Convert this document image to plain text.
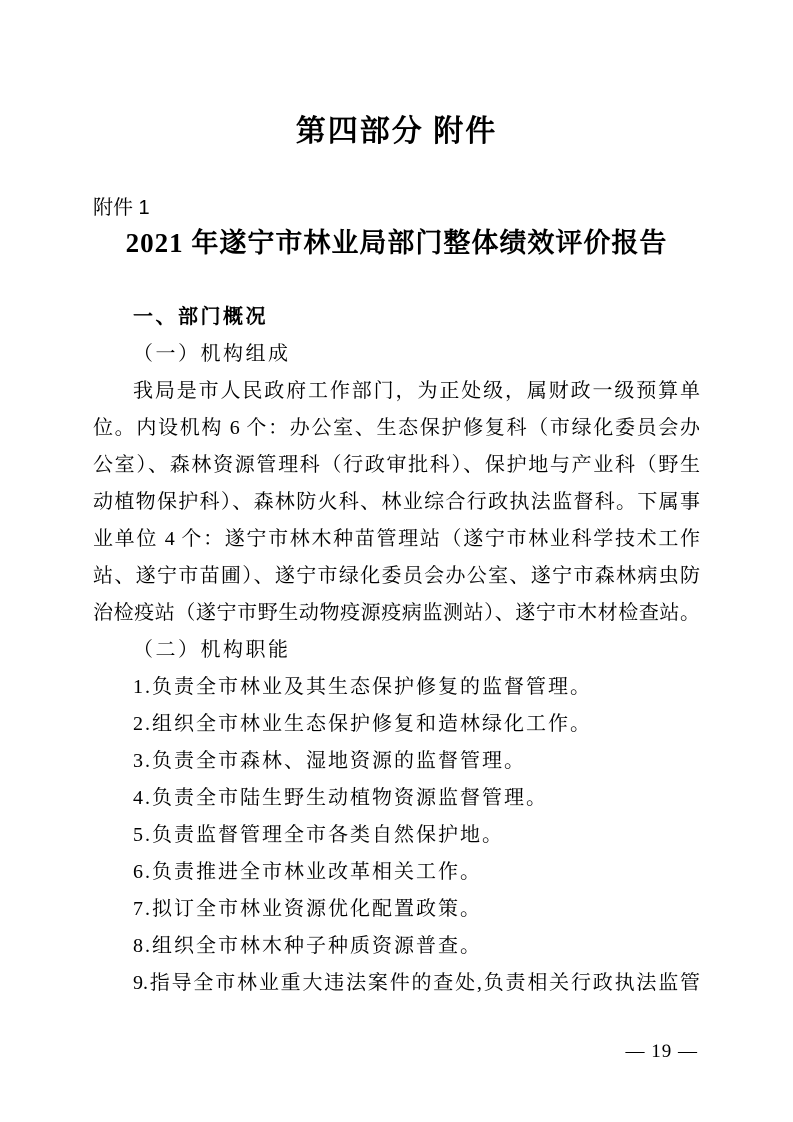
第四部分 附件
附件 1
2021 年遂宁市林业局部门整体绩效评价报告
一、部门概况
（一）机构组成
我局是市人民政府工作部门，为正处级，属财政一级预算单
位。内设机构 6 个：办公室、生态保护修复科（市绿化委员会办
公室）、森林资源管理科（行政审批科）、保护地与产业科（野生
动植物保护科）、森林防火科、林业综合行政执法监督科。下属事
业单位 4 个：遂宁市林木种苗管理站（遂宁市林业科学技术工作
站、遂宁市苗圃）、遂宁市绿化委员会办公室、遂宁市森林病虫防
治检疫站（遂宁市野生动物疫源疫病监测站）、遂宁市木材检查站。
（二）机构职能
1.负责全市林业及其生态保护修复的监督管理。
2.组织全市林业生态保护修复和造林绿化工作。
3.负责全市森林、湿地资源的监督管理。
4.负责全市陆生野生动植物资源监督管理。
5.负责监督管理全市各类自然保护地。
6.负责推进全市林业改革相关工作。
7.拟订全市林业资源优化配置政策。
8.组织全市林木种子种质资源普查。
9.指导全市林业重大违法案件的查处,负责相关行政执法监管
— 19 —
